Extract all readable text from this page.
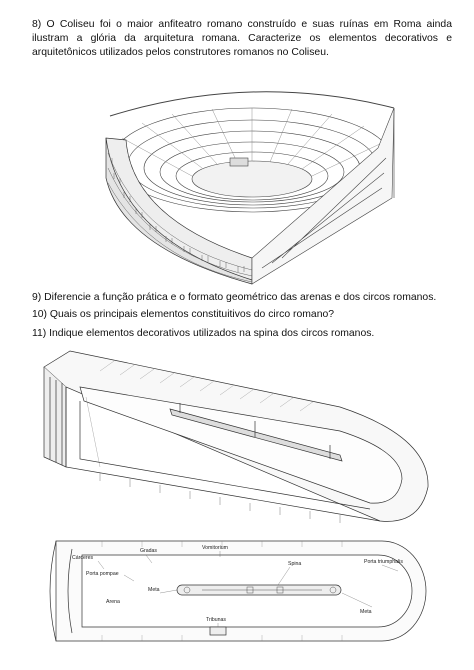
8) O Coliseu foi o maior anfiteatro romano construído e suas ruínas em Roma ainda ilustram a glória da arquitetura romana. Caracterize os elementos decorativos e arquitetônicos utilizados pelos construtores romanos no Coliseu.
9) Diferencie a função prática e o formato geométrico das arenas e dos circos romanos.
10) Quais os principais elementos constituitivos do circo romano?
11) Indique elementos decorativos utilizados na spina dos circos romanos.
Cárceres
Gradas	Vomitorium
Spina	Porta triumphalis
Porta pompae
Meta
Meta
Arena
Tribunas
